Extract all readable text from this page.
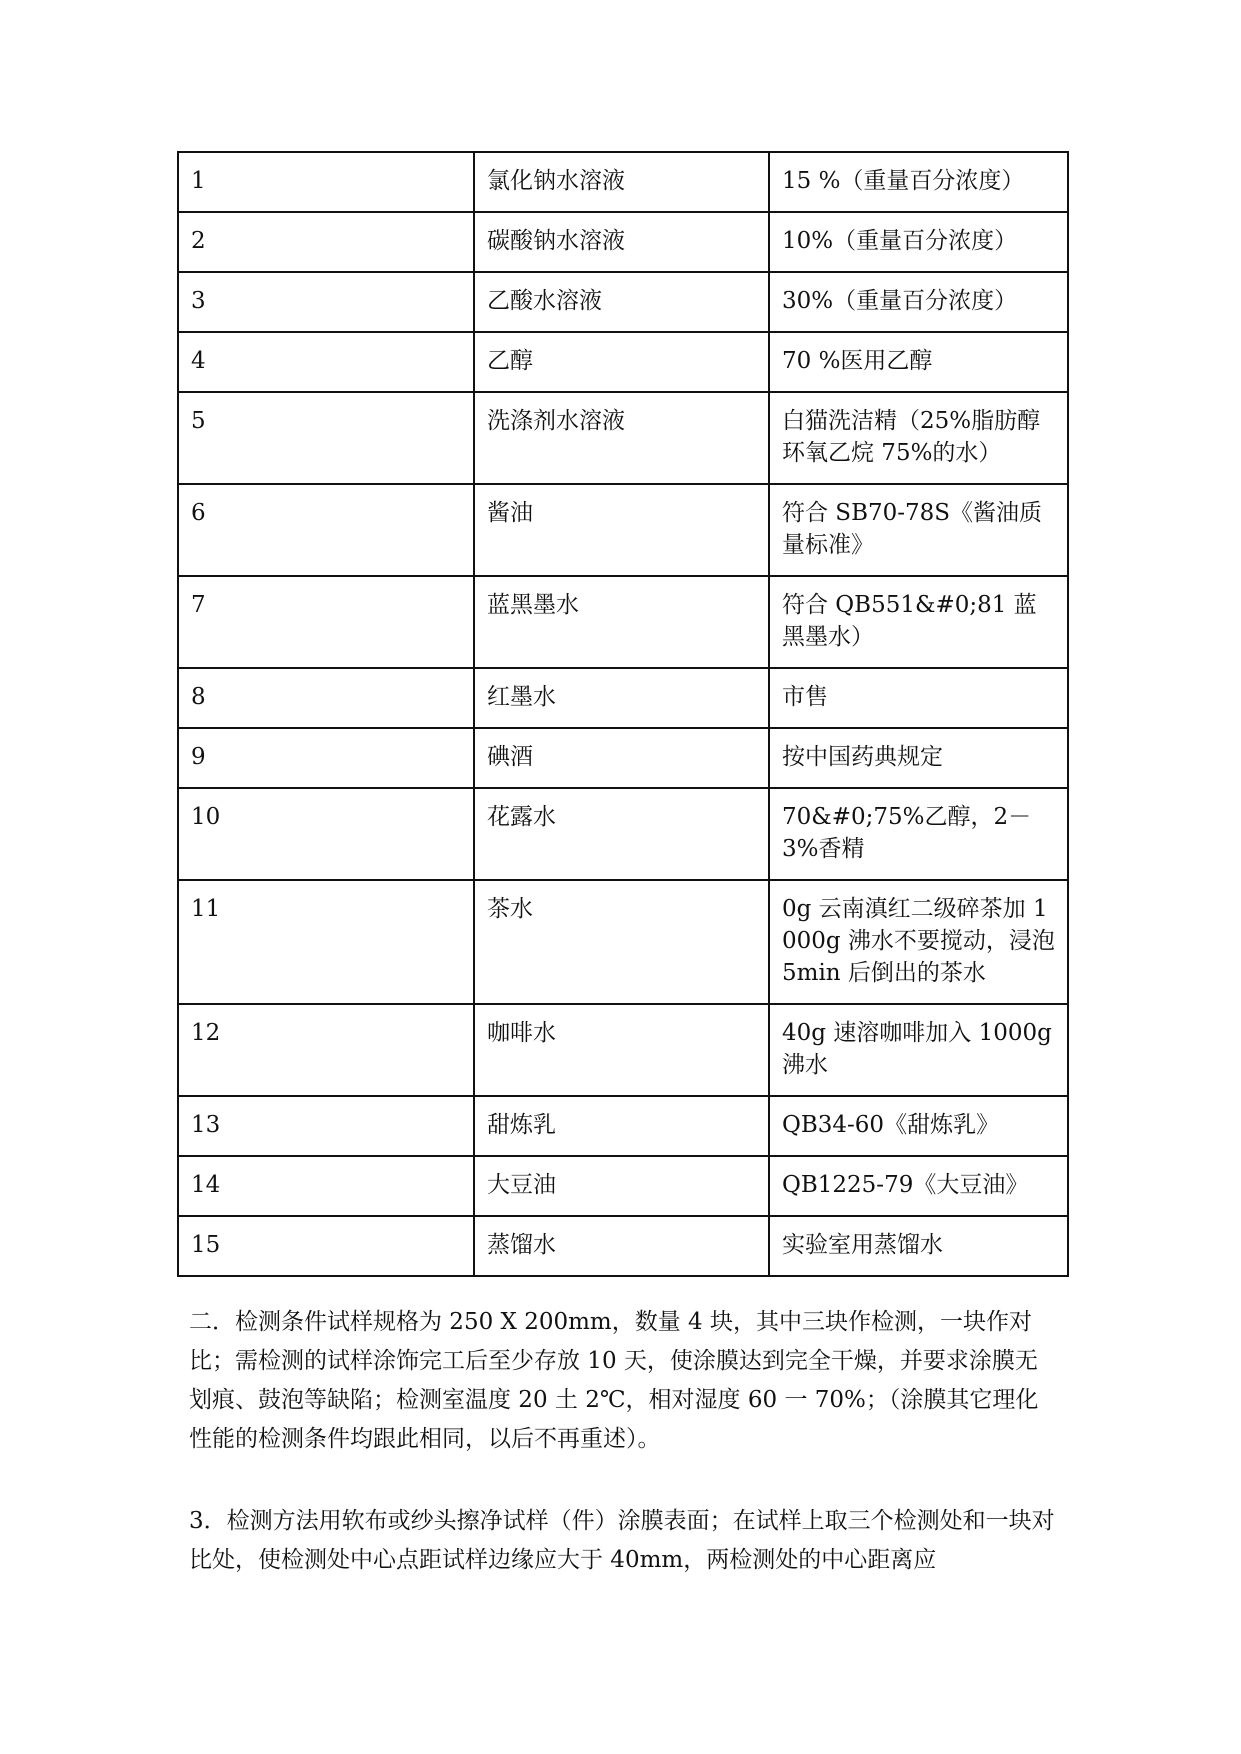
1	氯化钠水溶液	15 %（重量百分浓度）
2	碳酸钠水溶液	10%（重量百分浓度）
3	乙酸水溶液	30%（重量百分浓度）
4	乙醇	70 %医用乙醇
5	洗涤剂水溶液	白猫洗洁精（25%脂肪醇环氧乙烷 75%的水）
6	酱油	符合 SB70-78S《酱油质量标准》
7	蓝黑墨水	符合 QB551&#0;81 蓝黑墨水）
8	红墨水	市售
9	碘酒	按中国药典规定
10	花露水	70&#0;75%乙醇，2－3%香精
11	茶水	0g 云南滇红二级碎茶加 1000g 沸水不要搅动，浸泡 5min 后倒出的茶水
12	咖啡水	40g 速溶咖啡加入 1000g 沸水
13	甜炼乳	QB34-60《甜炼乳》
14	大豆油	QB1225-79《大豆油》
15	蒸馏水	实验室用蒸馏水

二．检测条件试样规格为 250 X 200mm，数量 4 块，其中三块作检测，一块作对比；需检测的试样涂饰完工后至少存放 10 天，使涂膜达到完全干燥，并要求涂膜无划痕、鼓泡等缺陷；检测室温度 20 土 2℃，相对湿度 60 一 70%；（涂膜其它理化性能的检测条件均跟此相同，以后不再重述）。

3．检测方法用软布或纱头擦净试样（件）涂膜表面；在试样上取三个检测处和一块对比处，使检测处中心点距试样边缘应大于 40mm，两检测处的中心距离应
